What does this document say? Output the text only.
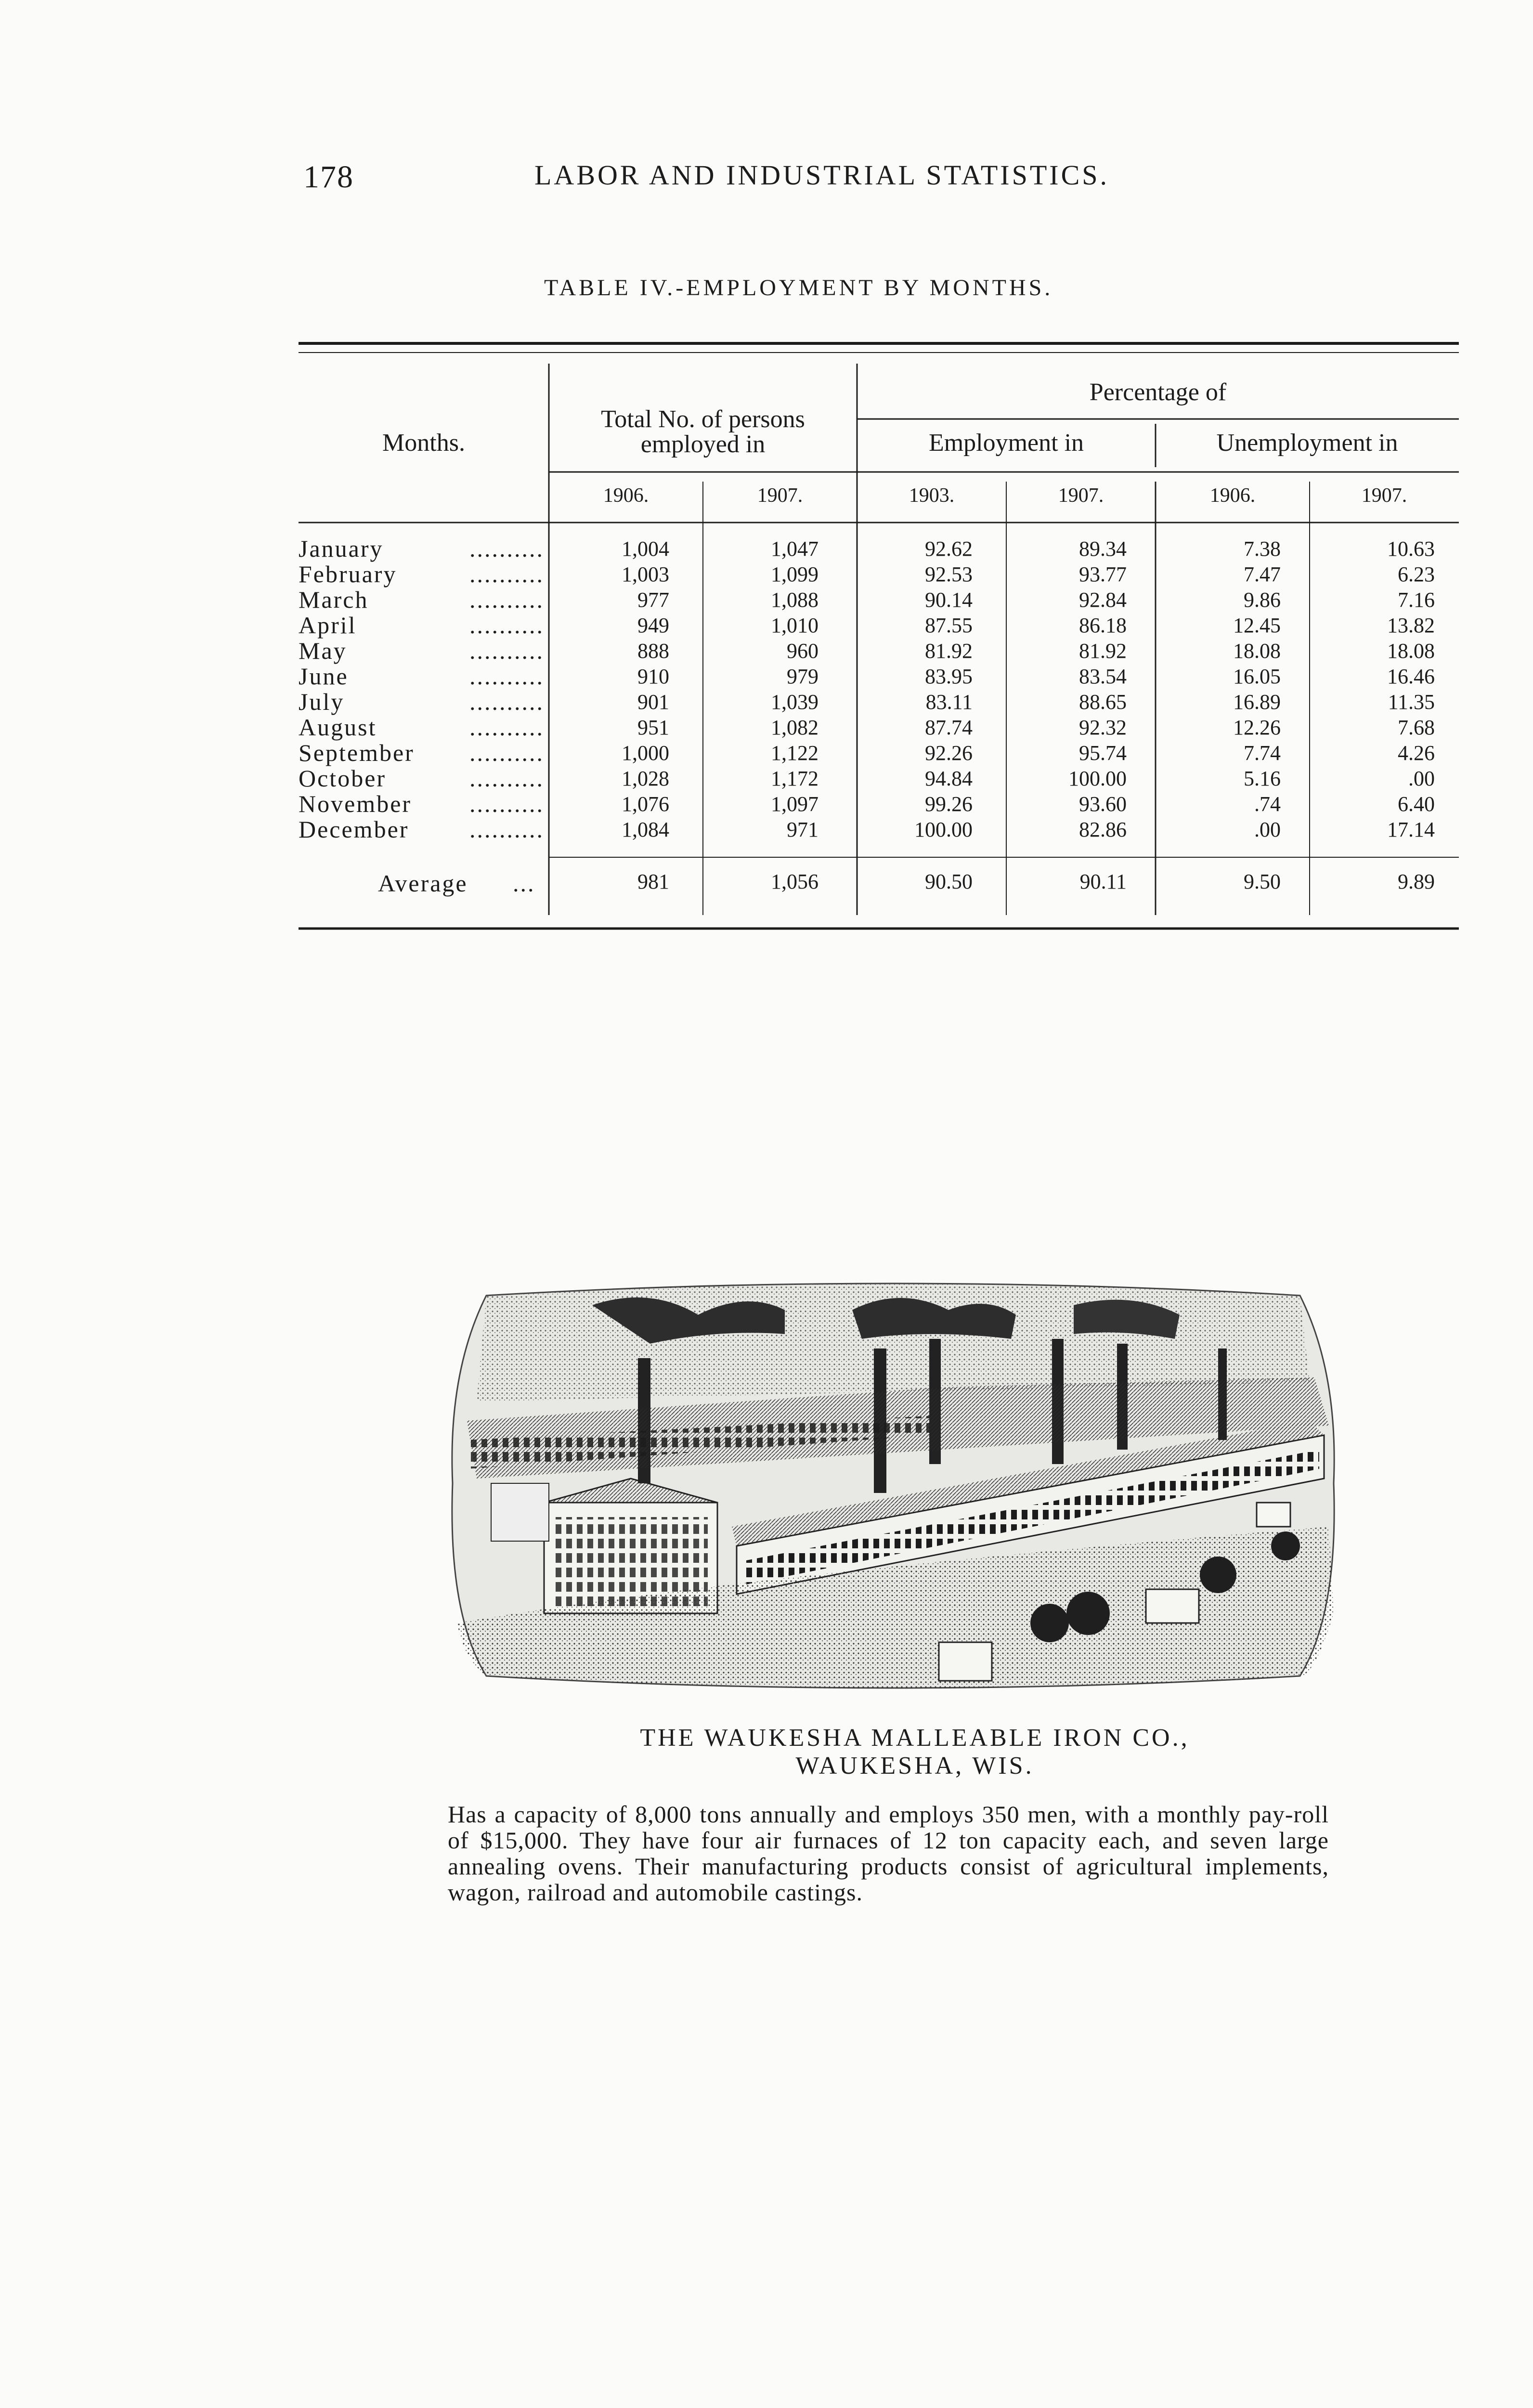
178	LABOR AND INDUSTRIAL STATISTICS.
TABLE IV.-EMPLOYMENT BY MONTHS.
Months.
Total No. of persons employed in
Percentage of
Employment in	Unemployment in
1906.	1907.	1903.	1907.	1906.	1907.
January	..........	1,004	1,047	92.62	89.34	7.38	10.63
February	..........	1,003	1,099	92.53	93.77	7.47	6.23
March	..........	977	1,088	90.14	92.84	9.86	7.16
April	..........	949	1,010	87.55	86.18	12.45	13.82
May	..........	888	960	81.92	81.92	18.08	18.08
June	..........	910	979	83.95	83.54	16.05	16.46
July	..........	901	1,039	83.11	88.65	16.89	11.35
August	..........	951	1,082	87.74	92.32	12.26	7.68
September	..........	1,000	1,122	92.26	95.74	7.74	4.26
October	..........	1,028	1,172	94.84	100.00	5.16	.00
November	..........	1,076	1,097	99.26	93.60	.74	6.40
December	..........	1,084	971	100.00	82.86	.00	17.14
Average ...	981	1,056	90.50	90.11	9.50	9.89
THE WAUKESHA MALLEABLE IRON CO.,
WAUKESHA, WIS.
Has a capacity of 8,000 tons annually and employs 350 men, with a monthly pay-roll of $15,000. They have four air furnaces of 12 ton capacity each, and seven large annealing ovens. Their manufacturing products consist of agricultural implements, wagon, railroad and automobile castings.
